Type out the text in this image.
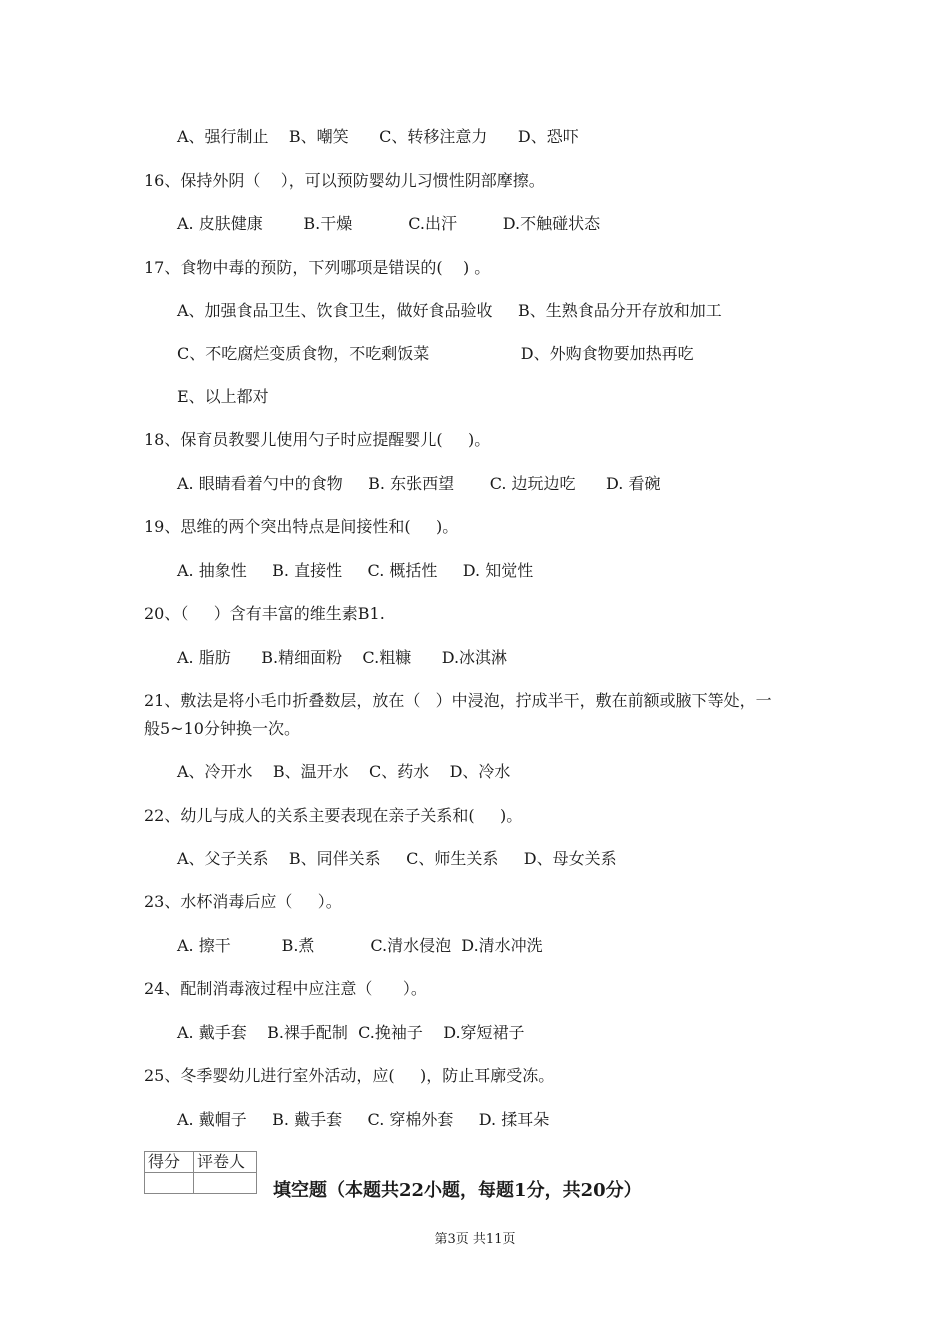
A、强行制止    B、嘲笑      C、转移注意力      D、恐吓
16、保持外阴（    ），可以预防婴幼儿习惯性阴部摩擦。
A. 皮肤健康        B.干燥           C.出汗         D.不触碰状态
17、食物中毒的预防，下列哪项是错误的(    ) 。
A、加强食品卫生、饮食卫生，做好食品验收     B、生熟食品分开存放和加工
C、不吃腐烂变质食物，不吃剩饭菜                  D、外购食物要加热再吃
E、以上都对
18、保育员教婴儿使用勺子时应提醒婴儿(     )。
A. 眼睛看着勺中的食物     B. 东张西望       C. 边玩边吃      D. 看碗
19、思维的两个突出特点是间接性和(     )。
A. 抽象性     B. 直接性     C. 概括性     D. 知觉性
20、（     ）含有丰富的维生素B1.
A. 脂肪      B.精细面粉    C.粗糠      D.冰淇淋
21、敷法是将小毛巾折叠数层，放在（   ）中浸泡，拧成半干，敷在前额或腋下等处，一
般5~10分钟换一次。
A、冷开水    B、温开水    C、药水    D、冷水
22、幼儿与成人的关系主要表现在亲子关系和(     )。
A、父子关系    B、同伴关系     C、师生关系     D、母女关系
23、水杯消毒后应（     ）。
A. 擦干          B.煮           C.清水侵泡  D.清水冲洗
24、配制消毒液过程中应注意（      ）。
A. 戴手套    B.裸手配制  C.挽袖子    D.穿短裙子
25、冬季婴幼儿进行室外活动，应(     )，防止耳廓受冻。
A. 戴帽子     B. 戴手套     C. 穿棉外套     D. 揉耳朵
得分	评卷人

填空题（本题共22小题，每题1分，共20分）
第3页 共11页
